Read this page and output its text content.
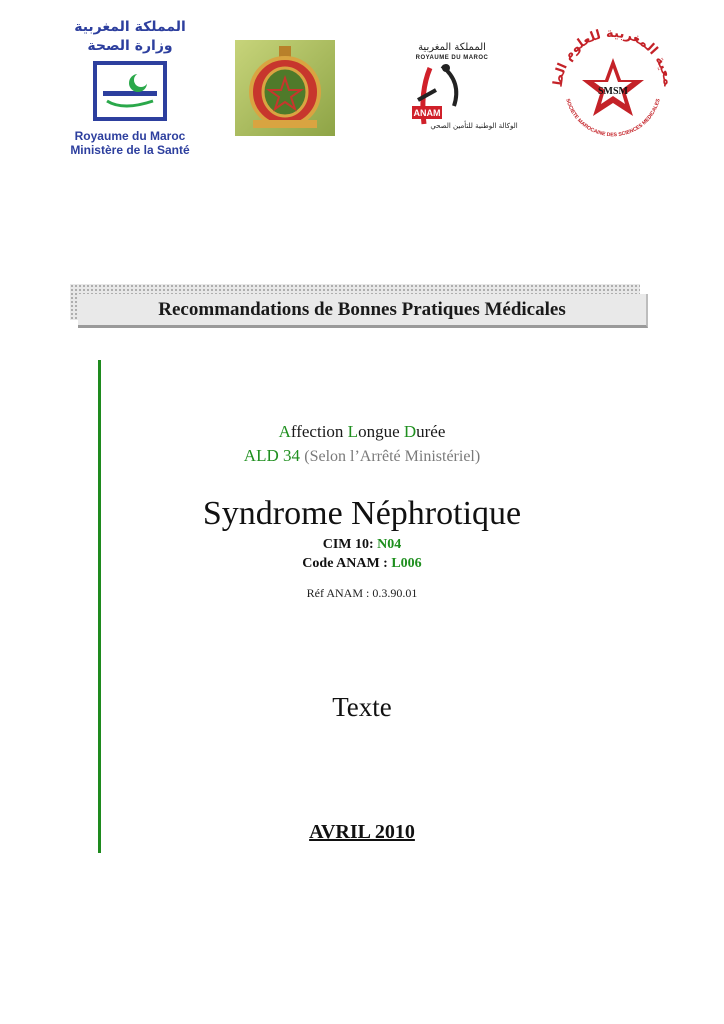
المملكة المغربية
وزارة الصحة
Royaume du Maroc
Ministère de la Santé
المملكة المغربية
ROYAUME DU MAROC
ANAM
الوكالة الوطنية للتأمين الصحي
معية المغربية للعلوم الط
SOCIETE MAROCAINE DES SCIENCES MEDICALES
SMSM
Recommandations de Bonnes Pratiques Médicales
Affection Longue Durée
ALD 34 (Selon l’Arrêté Ministériel)
Syndrome Néphrotique
CIM 10: N04
Code ANAM : L006
Réf ANAM : 0.3.90.01
Texte
AVRIL 2010
